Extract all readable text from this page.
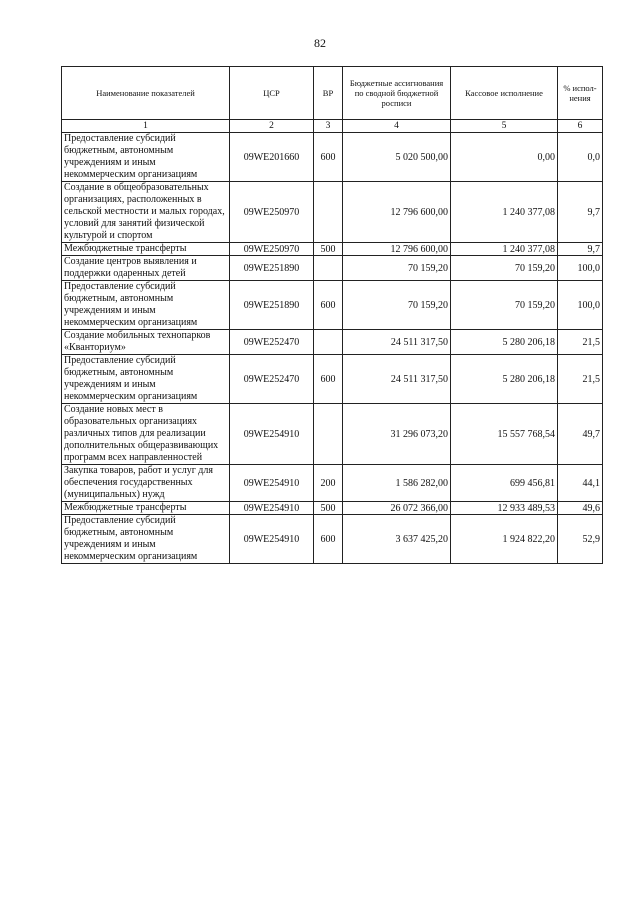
82
Наименование показателей	ЦСР	ВР	Бюджетные ассигнования по сводной бюджетной росписи	Кассовое исполнение	% испол-нения
1	2	3	4	5	6
Предоставление субсидий бюджетным, автономным учреждениям и иным некоммерческим организациям	09WE201660	600	5 020 500,00	0,00	0,0
Создание в общеобразовательных организациях, расположенных в сельской местности и малых городах, условий для занятий физической культурой и спортом	09WE250970		12 796 600,00	1 240 377,08	9,7
Межбюджетные трансферты	09WE250970	500	12 796 600,00	1 240 377,08	9,7
Создание центров выявления и поддержки одаренных детей	09WE251890		70 159,20	70 159,20	100,0
Предоставление субсидий бюджетным, автономным учреждениям и иным некоммерческим организациям	09WE251890	600	70 159,20	70 159,20	100,0
Создание мобильных технопарков «Кванториум»	09WE252470		24 511 317,50	5 280 206,18	21,5
Предоставление субсидий бюджетным, автономным учреждениям и иным некоммерческим организациям	09WE252470	600	24 511 317,50	5 280 206,18	21,5
Создание новых мест в образовательных организациях различных типов для реализации дополнительных общеразвивающих программ всех направленностей	09WE254910		31 296 073,20	15 557 768,54	49,7
Закупка товаров, работ и услуг для обеспечения государственных (муниципальных) нужд	09WE254910	200	1 586 282,00	699 456,81	44,1
Межбюджетные трансферты	09WE254910	500	26 072 366,00	12 933 489,53	49,6
Предоставление субсидий бюджетным, автономным учреждениям и иным некоммерческим организациям	09WE254910	600	3 637 425,20	1 924 822,20	52,9
